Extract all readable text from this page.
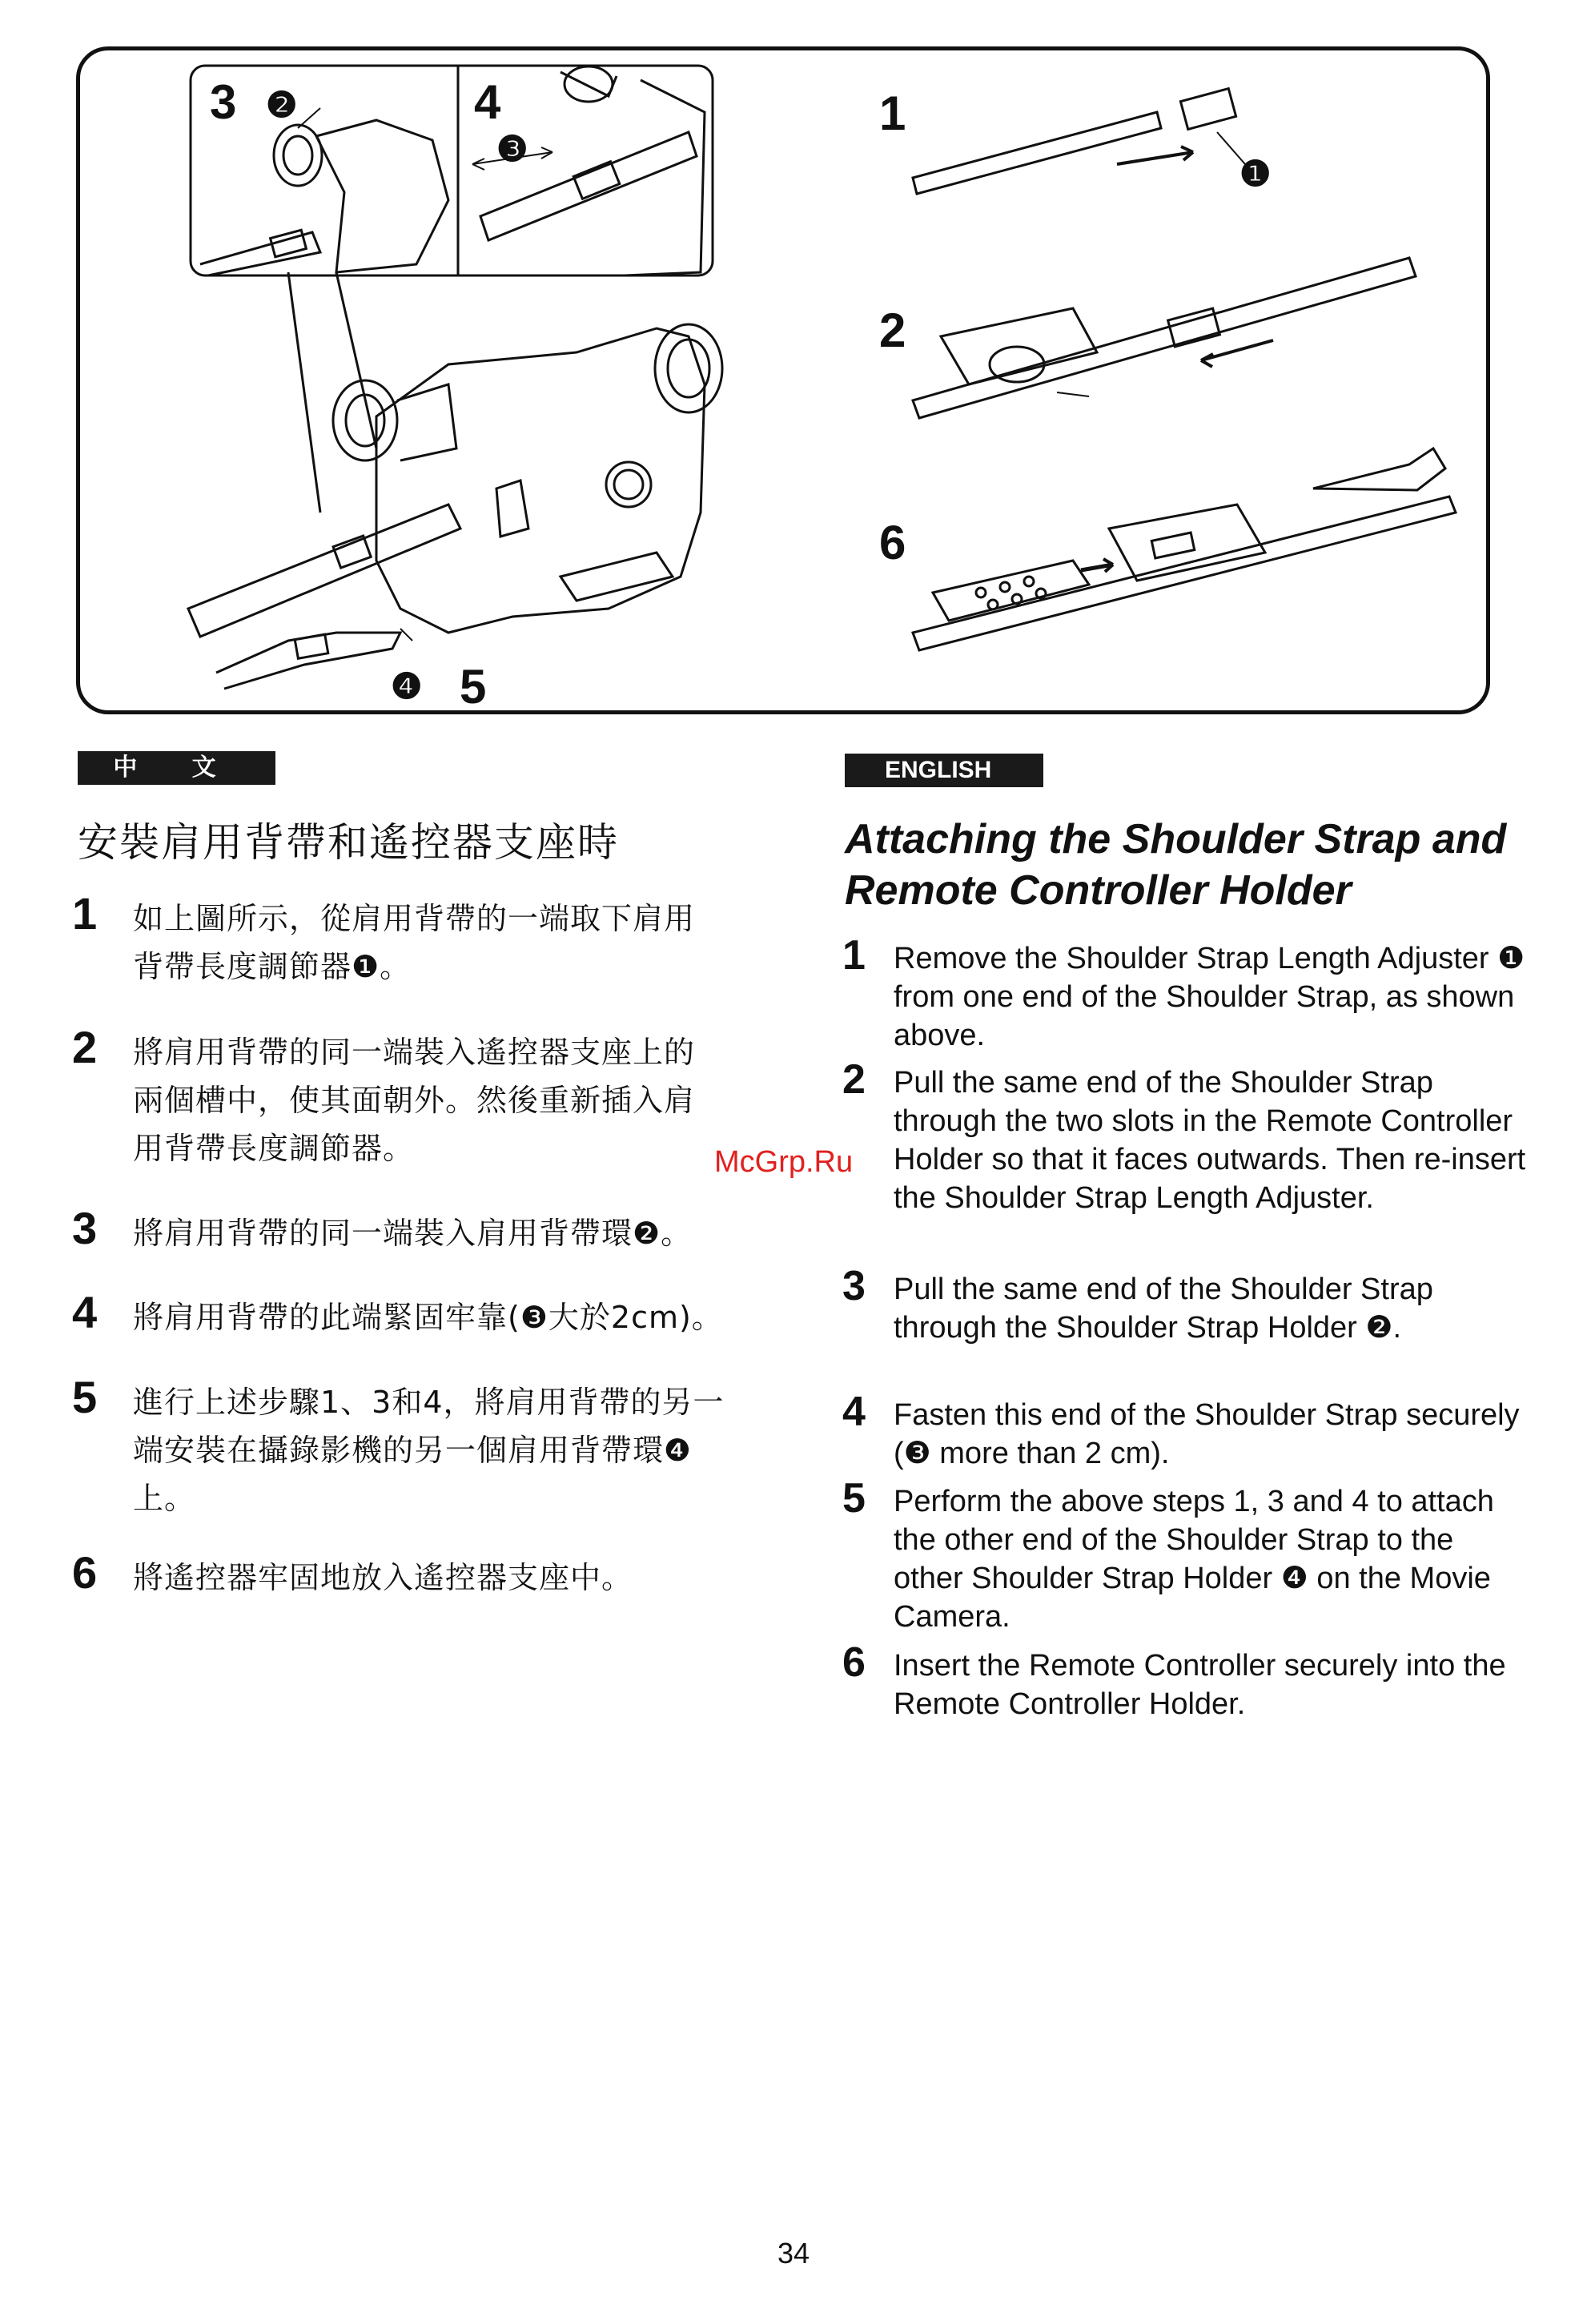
3	4	1
2
6
5
❷
❸
❶
❹
中 文
安裝肩用背帶和遙控器支座時
1 如上圖所示，從肩用背帶的一端取下肩用背帶長度調節器❶。
2 將肩用背帶的同一端裝入遙控器支座上的兩個槽中，使其面朝外。然後重新插入肩用背帶長度調節器。
3 將肩用背帶的同一端裝入肩用背帶環❷。
4 將肩用背帶的此端緊固牢靠(❸大於2cm)。
5 進行上述步驟1、3和4，將肩用背帶的另一端安裝在攝錄影機的另一個肩用背帶環❹上。
6 將遙控器牢固地放入遙控器支座中。
ENGLISH
Attaching the Shoulder Strap and Remote Controller Holder
1 Remove the Shoulder Strap Length Adjuster ❶ from one end of the Shoulder Strap, as shown above.
2 Pull the same end of the Shoulder Strap through the two slots in the Remote Controller Holder so that it faces outwards. Then re-insert the Shoulder Strap Length Adjuster.
3 Pull the same end of the Shoulder Strap through the Shoulder Strap Holder ❷.
4 Fasten this end of the Shoulder Strap securely (❸ more than 2 cm).
5 Perform the above steps 1, 3 and 4 to attach the other end of the Shoulder Strap to the other Shoulder Strap Holder ❹ on the Movie Camera.
6 Insert the Remote Controller securely into the Remote Controller Holder.
McGrp.Ru
34
